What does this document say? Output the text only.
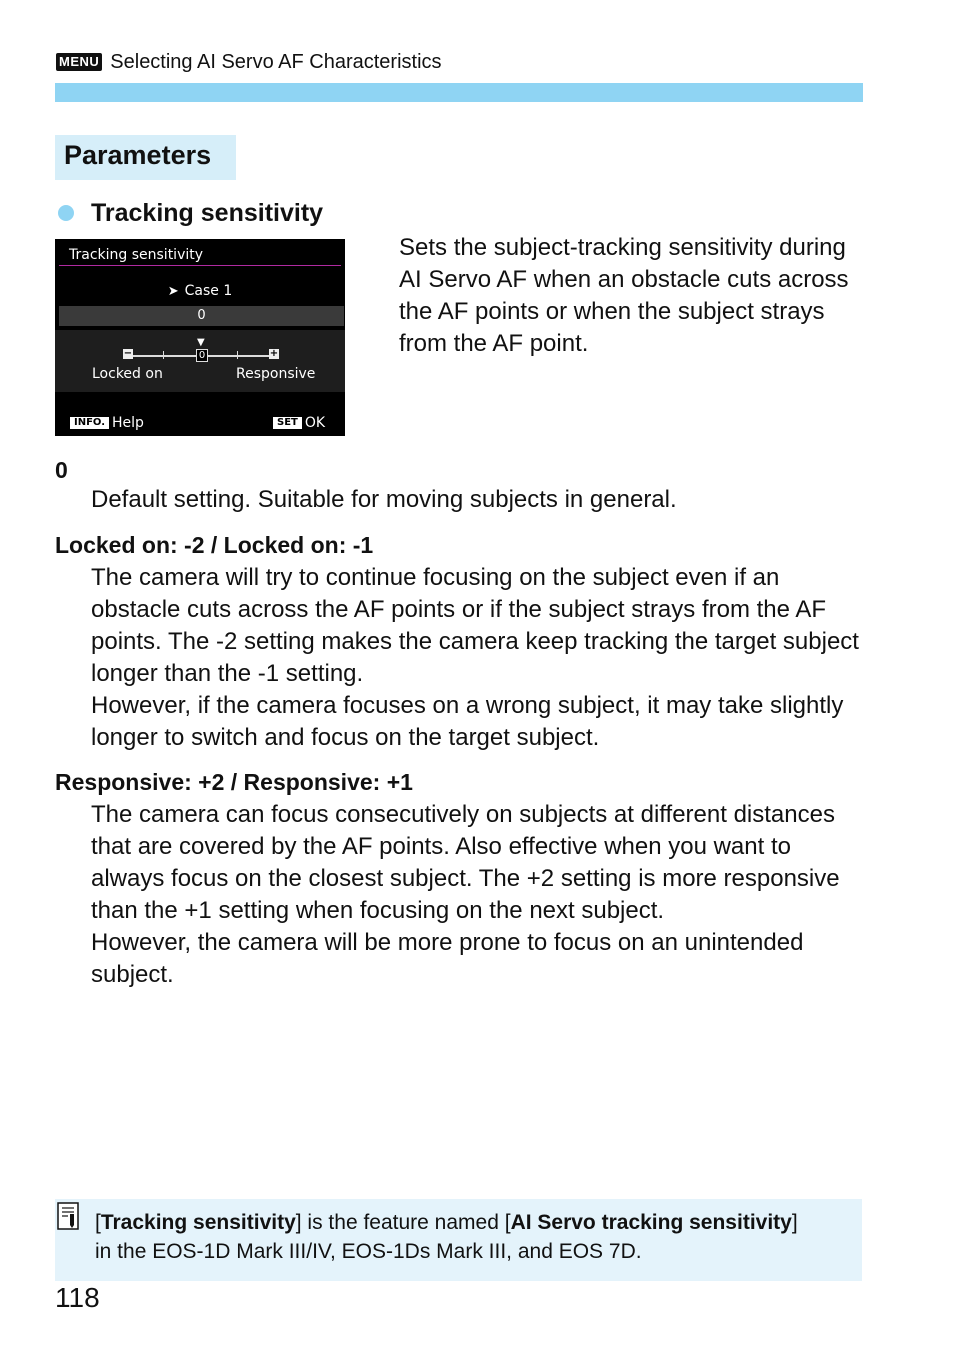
MENU Selecting AI Servo AF Characteristics
Parameters
Tracking sensitivity
Tracking sensitivity
➤ Case 1
0
−	+
▼
0
Locked on	Responsive
INFO. Help	SET OK
Sets the subject-tracking sensitivity during AI Servo AF when an obstacle cuts across the AF points or when the subject strays from the AF point.
0
Default setting. Suitable for moving subjects in general.
Locked on: -2 / Locked on: -1
The camera will try to continue focusing on the subject even if an obstacle cuts across the AF points or if the subject strays from the AF points. The -2 setting makes the camera keep tracking the target subject longer than the -1 setting.
However, if the camera focuses on a wrong subject, it may take slightly longer to switch and focus on the target subject.
Responsive: +2 / Responsive: +1
The camera can focus consecutively on subjects at different distances that are covered by the AF points. Also effective when you want to always focus on the closest subject. The +2 setting is more responsive than the +1 setting when focusing on the next subject.
However, the camera will be more prone to focus on an unintended subject.
[Tracking sensitivity] is the feature named [AI Servo tracking sensitivity]
in the EOS-1D Mark III/IV, EOS-1Ds Mark III, and EOS 7D.
118
